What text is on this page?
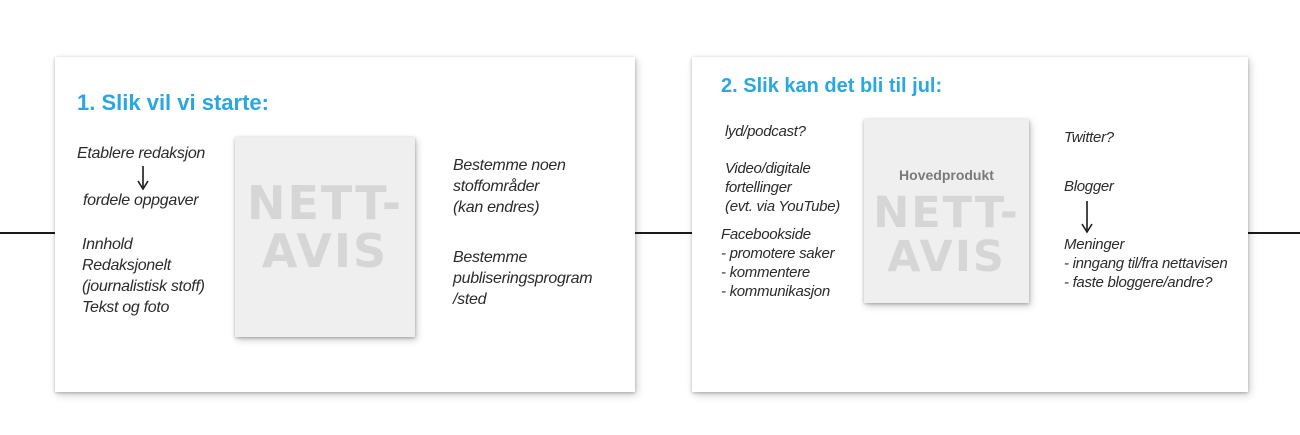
1. Slik vil vi starte:
Etablere redaksjon
fordele oppgaver
Innhold
Redaksjonelt
(journalistisk stoff)
Tekst og foto
NETT-
AVIS
Bestemme noen
stoffområder
(kan endres)
Bestemme
publiseringsprogram
/sted
2. Slik kan det bli til jul:
lyd/podcast?
Video/digitale
fortellinger
(evt. via YouTube)
Facebookside
- promotere saker
- kommentere
- kommunikasjon
Hovedprodukt
NETT-
AVIS
Twitter?
Blogger
Meninger
- inngang til/fra nettavisen
- faste bloggere/andre?
